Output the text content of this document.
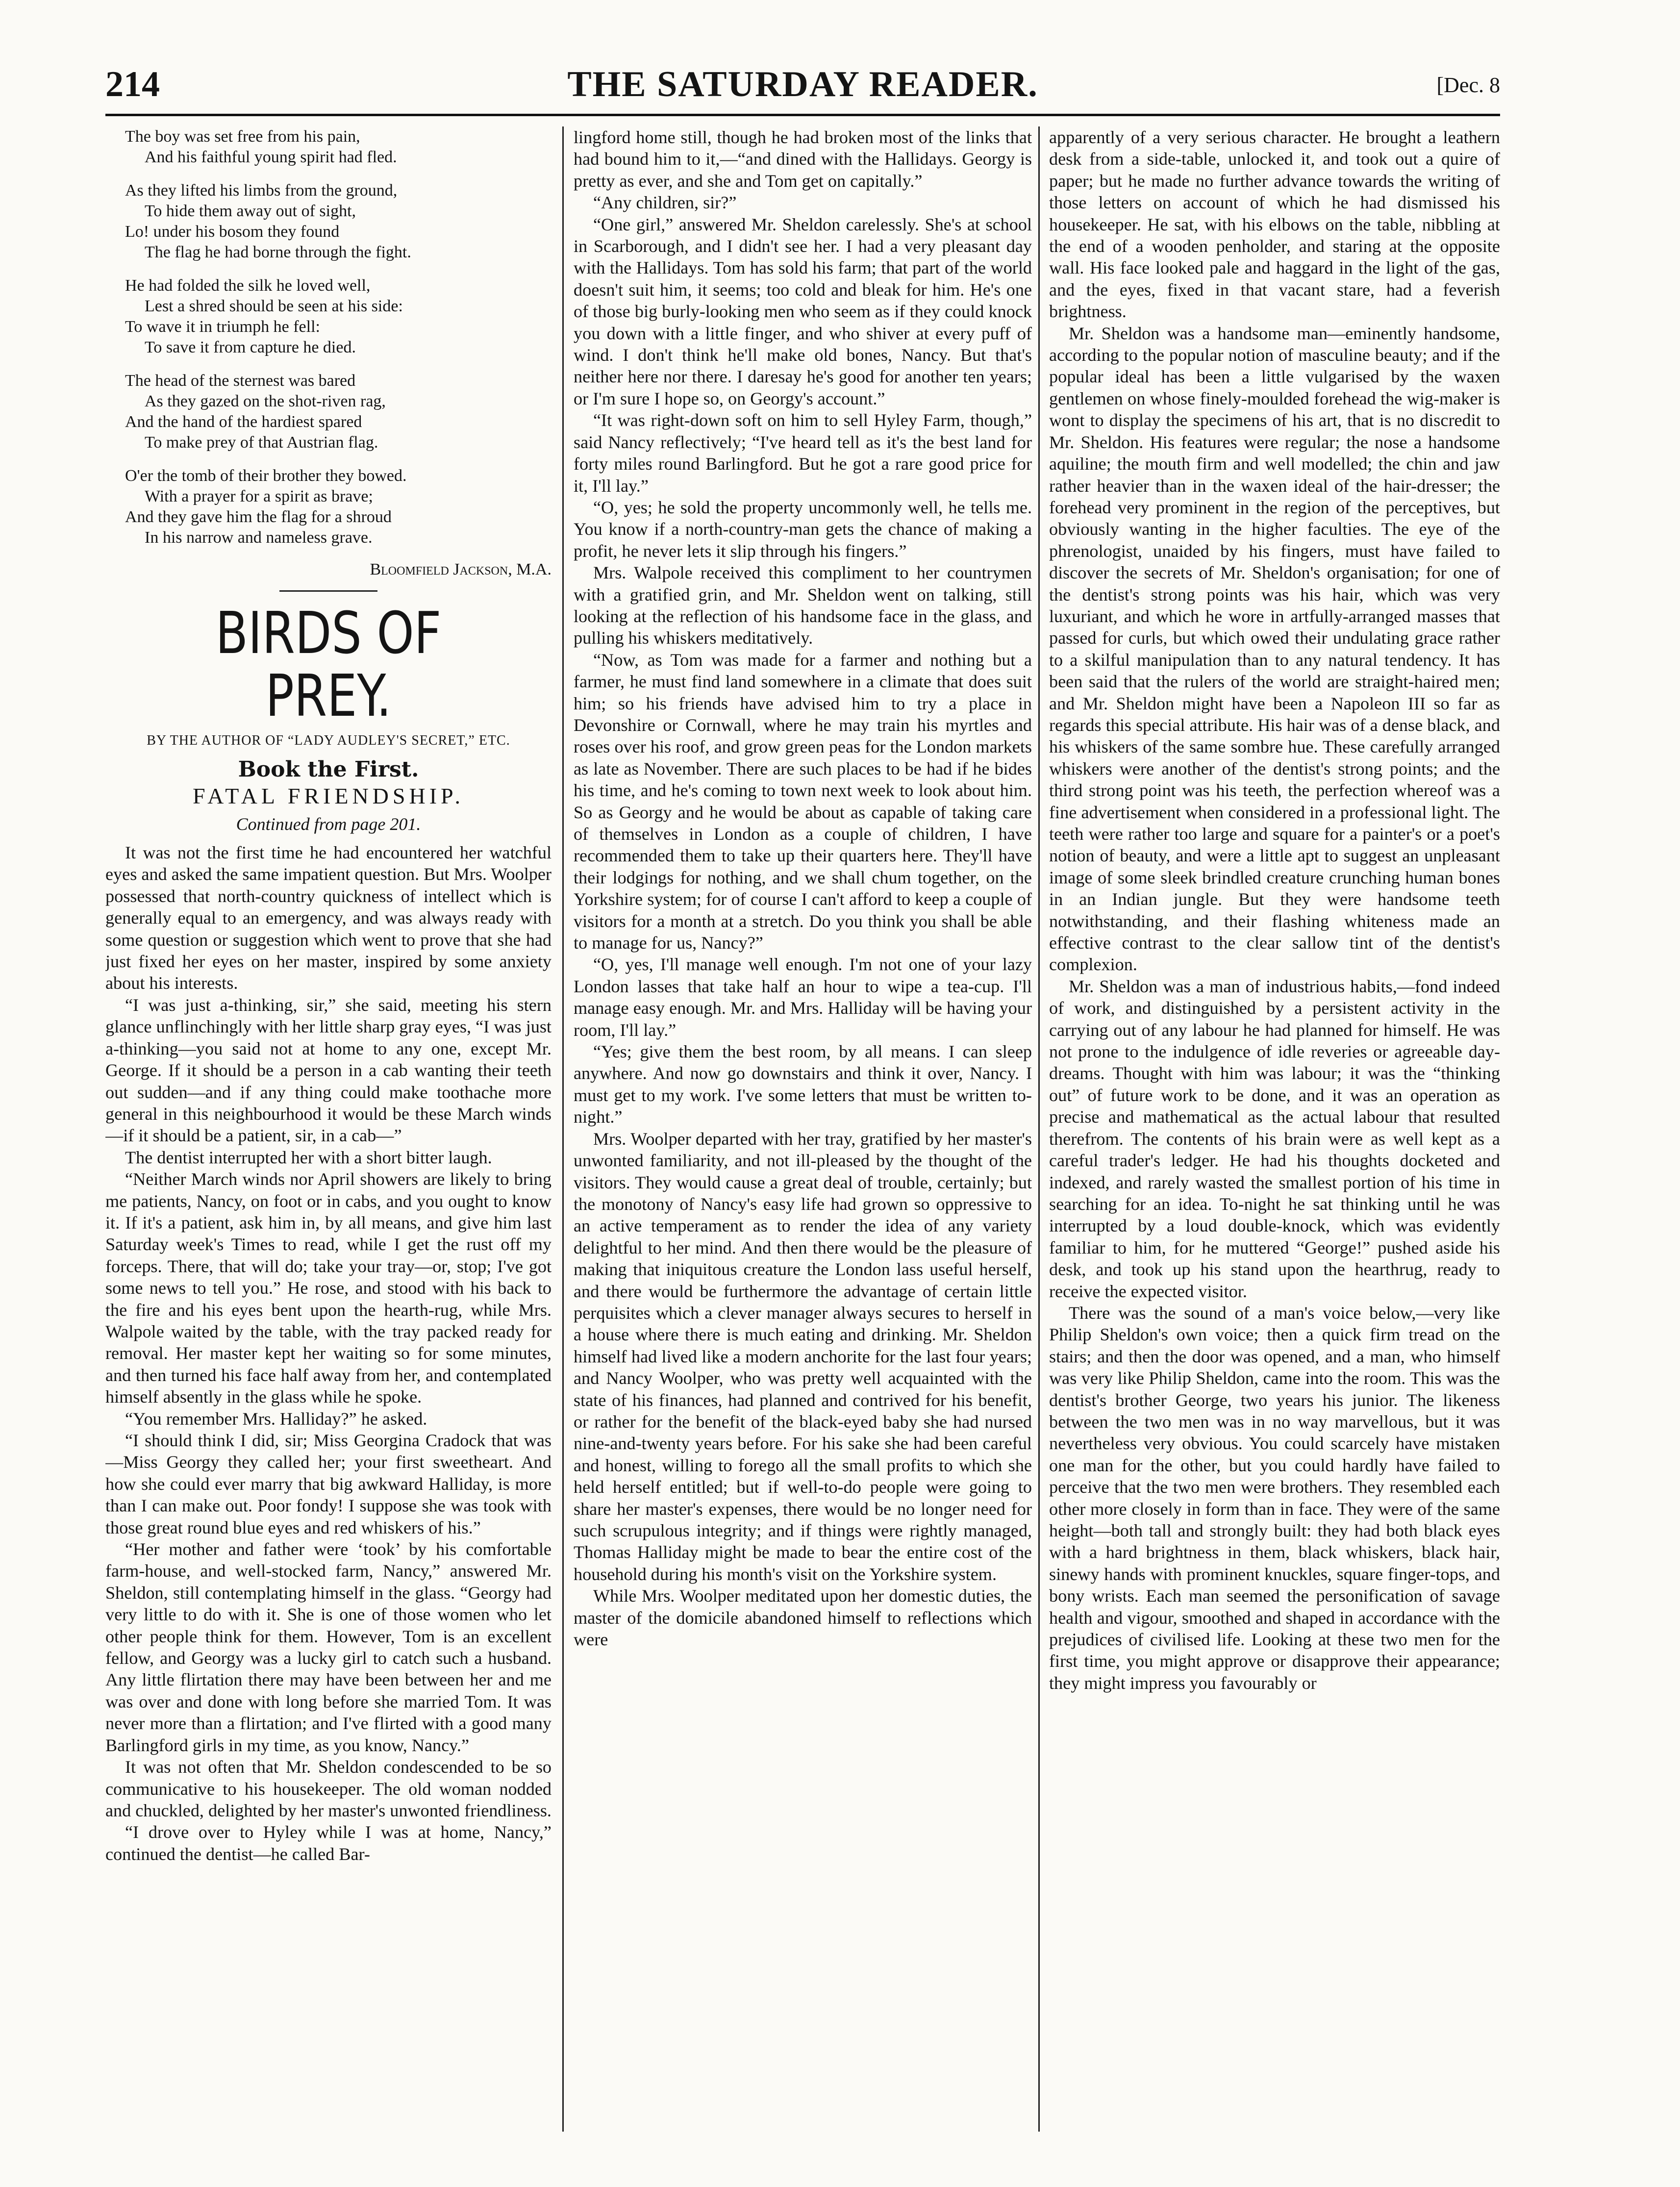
214	THE SATURDAY READER.	[Dec. 8
The boy was set free from his pain,
And his faithful young spirit had fled.
As they lifted his limbs from the ground,
To hide them away out of sight,
Lo! under his bosom they found
The flag he had borne through the fight.
He had folded the silk he loved well,
Lest a shred should be seen at his side:
To wave it in triumph he fell:
To save it from capture he died.
The head of the sternest was bared
As they gazed on the shot-riven rag,
And the hand of the hardiest spared
To make prey of that Austrian flag.
O'er the tomb of their brother they bowed.
With a prayer for a spirit as brave;
And they gave him the flag for a shroud
In his narrow and nameless grave.
Bloomfield Jackson, M.A.
BIRDS OF PREY.
BY THE AUTHOR OF “LADY AUDLEY'S SECRET,” ETC.
Book the First.
FATAL FRIENDSHIP.
Continued from page 201.

It was not the first time he had encountered her watchful eyes and asked the same impatient question. But Mrs. Woolper possessed that north-country quickness of intellect which is generally equal to an emergency, and was always ready with some question or suggestion which went to prove that she had just fixed her eyes on her master, inspired by some anxiety about his interests.

“I was just a-thinking, sir,” she said, meeting his stern glance unflinchingly with her little sharp gray eyes, “I was just a-thinking—you said not at home to any one, except Mr. George. If it should be a person in a cab wanting their teeth out sudden—and if any thing could make toothache more general in this neighbourhood it would be these March winds—if it should be a patient, sir, in a cab—”

The dentist interrupted her with a short bitter laugh.

“Neither March winds nor April showers are likely to bring me patients, Nancy, on foot or in cabs, and you ought to know it. If it's a patient, ask him in, by all means, and give him last Saturday week's Times to read, while I get the rust off my forceps. There, that will do; take your tray—or, stop; I've got some news to tell you.” He rose, and stood with his back to the fire and his eyes bent upon the hearth-rug, while Mrs. Walpole waited by the table, with the tray packed ready for removal. Her master kept her waiting so for some minutes, and then turned his face half away from her, and contemplated himself absently in the glass while he spoke.

“You remember Mrs. Halliday?” he asked.

“I should think I did, sir; Miss Georgina Cradock that was—Miss Georgy they called her; your first sweetheart. And how she could ever marry that big awkward Halliday, is more than I can make out. Poor fondy! I suppose she was took with those great round blue eyes and red whiskers of his.”

“Her mother and father were ‘took’ by his comfortable farm-house, and well-stocked farm, Nancy,” answered Mr. Sheldon, still contemplating himself in the glass. “Georgy had very little to do with it. She is one of those women who let other people think for them. However, Tom is an excellent fellow, and Georgy was a lucky girl to catch such a husband. Any little flirtation there may have been between her and me was over and done with long before she married Tom. It was never more than a flirtation; and I've flirted with a good many Barlingford girls in my time, as you know, Nancy.”

It was not often that Mr. Sheldon condescended to be so communicative to his housekeeper. The old woman nodded and chuckled, delighted by her master's unwonted friendliness.

“I drove over to Hyley while I was at home, Nancy,” continued the dentist—he called Bar-

lingford home still, though he had broken most of the links that had bound him to it,—“and dined with the Hallidays. Georgy is pretty as ever, and she and Tom get on capitally.”

“Any children, sir?”

“One girl,” answered Mr. Sheldon carelessly. She's at school in Scarborough, and I didn't see her. I had a very pleasant day with the Hallidays. Tom has sold his farm; that part of the world doesn't suit him, it seems; too cold and bleak for him. He's one of those big burly-looking men who seem as if they could knock you down with a little finger, and who shiver at every puff of wind. I don't think he'll make old bones, Nancy. But that's neither here nor there. I daresay he's good for another ten years; or I'm sure I hope so, on Georgy's account.”

“It was right-down soft on him to sell Hyley Farm, though,” said Nancy reflectively; “I've heard tell as it's the best land for forty miles round Barlingford. But he got a rare good price for it, I'll lay.”

“O, yes; he sold the property uncommonly well, he tells me. You know if a north-country-man gets the chance of making a profit, he never lets it slip through his fingers.”

Mrs. Walpole received this compliment to her countrymen with a gratified grin, and Mr. Sheldon went on talking, still looking at the reflection of his handsome face in the glass, and pulling his whiskers meditatively.

“Now, as Tom was made for a farmer and nothing but a farmer, he must find land somewhere in a climate that does suit him; so his friends have advised him to try a place in Devonshire or Cornwall, where he may train his myrtles and roses over his roof, and grow green peas for the London markets as late as November. There are such places to be had if he bides his time, and he's coming to town next week to look about him. So as Georgy and he would be about as capable of taking care of themselves in London as a couple of children, I have recommended them to take up their quarters here. They'll have their lodgings for nothing, and we shall chum together, on the Yorkshire system; for of course I can't afford to keep a couple of visitors for a month at a stretch. Do you think you shall be able to manage for us, Nancy?”

“O, yes, I'll manage well enough. I'm not one of your lazy London lasses that take half an hour to wipe a tea-cup. I'll manage easy enough. Mr. and Mrs. Halliday will be having your room, I'll lay.”

“Yes; give them the best room, by all means. I can sleep anywhere. And now go downstairs and think it over, Nancy. I must get to my work. I've some letters that must be written to-night.”

Mrs. Woolper departed with her tray, gratified by her master's unwonted familiarity, and not ill-pleased by the thought of the visitors. They would cause a great deal of trouble, certainly; but the monotony of Nancy's easy life had grown so oppressive to an active temperament as to render the idea of any variety delightful to her mind. And then there would be the pleasure of making that iniquitous creature the London lass useful herself, and there would be furthermore the advantage of certain little perquisites which a clever manager always secures to herself in a house where there is much eating and drinking. Mr. Sheldon himself had lived like a modern anchorite for the last four years; and Nancy Woolper, who was pretty well acquainted with the state of his finances, had planned and contrived for his benefit, or rather for the benefit of the black-eyed baby she had nursed nine-and-twenty years before. For his sake she had been careful and honest, willing to forego all the small profits to which she held herself entitled; but if well-to-do people were going to share her master's expenses, there would be no longer need for such scrupulous integrity; and if things were rightly managed, Thomas Halliday might be made to bear the entire cost of the household during his month's visit on the Yorkshire system.

While Mrs. Woolper meditated upon her domestic duties, the master of the domicile abandoned himself to reflections which were

apparently of a very serious character. He brought a leathern desk from a side-table, unlocked it, and took out a quire of paper; but he made no further advance towards the writing of those letters on account of which he had dismissed his housekeeper. He sat, with his elbows on the table, nibbling at the end of a wooden penholder, and staring at the opposite wall. His face looked pale and haggard in the light of the gas, and the eyes, fixed in that vacant stare, had a feverish brightness.

Mr. Sheldon was a handsome man—eminently handsome, according to the popular notion of masculine beauty; and if the popular ideal has been a little vulgarised by the waxen gentlemen on whose finely-moulded forehead the wig-maker is wont to display the specimens of his art, that is no discredit to Mr. Sheldon. His features were regular; the nose a handsome aquiline; the mouth firm and well modelled; the chin and jaw rather heavier than in the waxen ideal of the hair-dresser; the forehead very prominent in the region of the perceptives, but obviously wanting in the higher faculties. The eye of the phrenologist, unaided by his fingers, must have failed to discover the secrets of Mr. Sheldon's organisation; for one of the dentist's strong points was his hair, which was very luxuriant, and which he wore in artfully-arranged masses that passed for curls, but which owed their undulating grace rather to a skilful manipulation than to any natural tendency. It has been said that the rulers of the world are straight-haired men; and Mr. Sheldon might have been a Napoleon III so far as regards this special attribute. His hair was of a dense black, and his whiskers of the same sombre hue. These carefully arranged whiskers were another of the dentist's strong points; and the third strong point was his teeth, the perfection whereof was a fine advertisement when considered in a professional light. The teeth were rather too large and square for a painter's or a poet's notion of beauty, and were a little apt to suggest an unpleasant image of some sleek brindled creature crunching human bones in an Indian jungle. But they were handsome teeth notwithstanding, and their flashing whiteness made an effective contrast to the clear sallow tint of the dentist's complexion.

Mr. Sheldon was a man of industrious habits,—fond indeed of work, and distinguished by a persistent activity in the carrying out of any labour he had planned for himself. He was not prone to the indulgence of idle reveries or agreeable day-dreams. Thought with him was labour; it was the “thinking out” of future work to be done, and it was an operation as precise and mathematical as the actual labour that resulted therefrom. The contents of his brain were as well kept as a careful trader's ledger. He had his thoughts docketed and indexed, and rarely wasted the smallest portion of his time in searching for an idea. To-night he sat thinking until he was interrupted by a loud double-knock, which was evidently familiar to him, for he muttered “George!” pushed aside his desk, and took up his stand upon the hearthrug, ready to receive the expected visitor.

There was the sound of a man's voice below,—very like Philip Sheldon's own voice; then a quick firm tread on the stairs; and then the door was opened, and a man, who himself was very like Philip Sheldon, came into the room. This was the dentist's brother George, two years his junior. The likeness between the two men was in no way marvellous, but it was nevertheless very obvious. You could scarcely have mistaken one man for the other, but you could hardly have failed to perceive that the two men were brothers. They resembled each other more closely in form than in face. They were of the same height—both tall and strongly built: they had both black eyes with a hard brightness in them, black whiskers, black hair, sinewy hands with prominent knuckles, square finger-tops, and bony wrists. Each man seemed the personification of savage health and vigour, smoothed and shaped in accordance with the prejudices of civilised life. Looking at these two men for the first time, you might approve or disapprove their appearance; they might impress you favourably or
